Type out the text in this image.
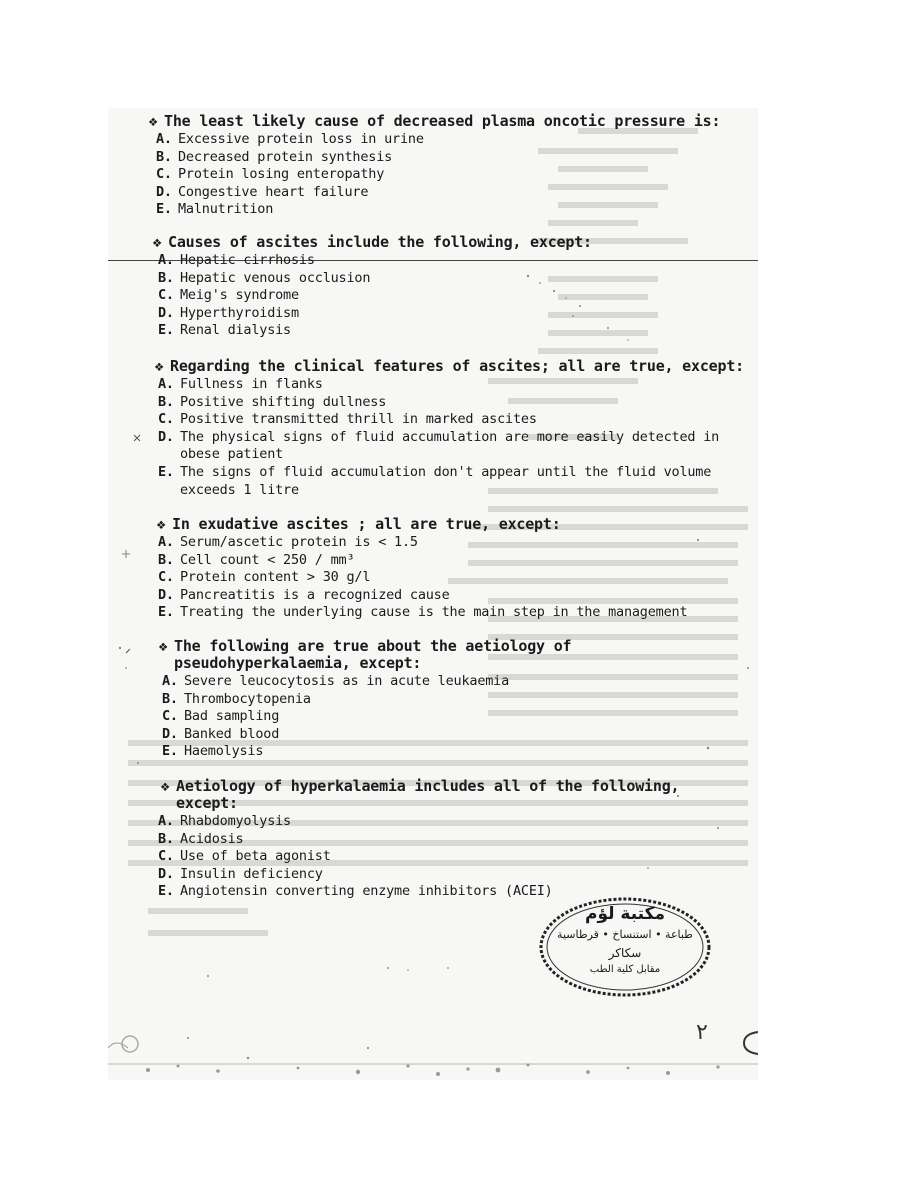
❖ The least likely cause of decreased plasma oncotic pressure is:
A. Excessive protein loss in urine
B. Decreased protein synthesis
C. Protein losing enteropathy
D. Congestive heart failure
E. Malnutrition
❖ Causes of ascites include the following, except:
A. Hepatic cirrhosis
B. Hepatic venous occlusion
C. Meig's syndrome
D. Hyperthyroidism
E. Renal dialysis
❖ Regarding the clinical features of ascites; all are true, except:
A. Fullness in flanks
B. Positive shifting dullness
C. Positive transmitted thrill in marked ascites
D. The physical signs of fluid accumulation are more easily detected in obese patient
E. The signs of fluid accumulation don't appear until the fluid volume exceeds 1 litre
❖ In exudative ascites ; all are true, except:
A. Serum/ascetic protein is < 1.5
B. Cell count < 250 / mm³
C. Protein content > 30 g/l
D. Pancreatitis is a recognized cause
E. Treating the underlying cause is the main step in the management
❖ The following are true about the aetiology of pseudohyperkalaemia, except:
A. Severe leucocytosis as in acute leukaemia
B. Thrombocytopenia
C. Bad sampling
D. Banked blood
E. Haemolysis
❖ Aetiology of hyperkalaemia includes all of the following, except:
A. Rhabdomyolysis
B. Acidosis
C. Use of beta agonist
D. Insulin deficiency
E. Angiotensin converting enzyme inhibitors (ACEI)
مكتبة لؤم
طباعة • استنساخ • قرطاسية
سكاكر
مقابل كلية الطب
٢
